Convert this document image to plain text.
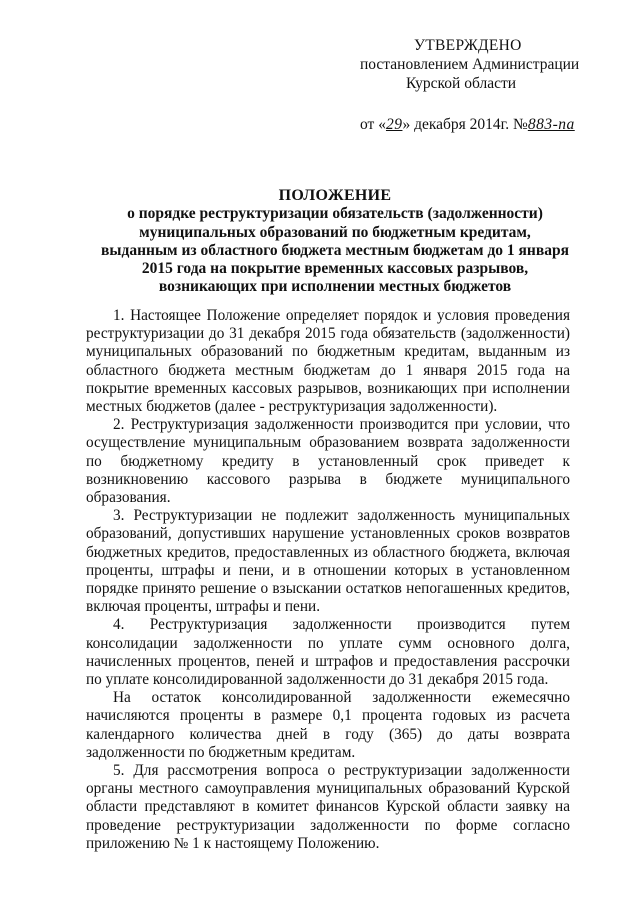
УТВЕРЖДЕНО
постановлением Администрации
Курской области
от «29» декабря 2014г. №883-па
ПОЛОЖЕНИЕ
о порядке реструктуризации обязательств (задолженности) муниципальных образований по бюджетным кредитам, выданным из областного бюджета местным бюджетам до 1 января 2015 года на покрытие временных кассовых разрывов, возникающих при исполнении местных бюджетов

1. Настоящее Положение определяет порядок и условия проведения реструктуризации до 31 декабря 2015 года обязательств (задолженности) муниципальных образований по бюджетным кредитам, выданным из областного бюджета местным бюджетам до 1 января 2015 года на покрытие временных кассовых разрывов, возникающих при исполнении местных бюджетов (далее - реструктуризация задолженности).

2. Реструктуризация задолженности производится при условии, что осуществление муниципальным образованием возврата задолженности по бюджетному кредиту в установленный срок приведет к возникновению кассового разрыва в бюджете муниципального образования.

3. Реструктуризации не подлежит задолженность муниципальных образований, допустивших нарушение установленных сроков возвратов бюджетных кредитов, предоставленных из областного бюджета, включая проценты, штрафы и пени, и в отношении которых в установленном порядке принято решение о взыскании остатков непогашенных кредитов, включая проценты, штрафы и пени.

4. Реструктуризация задолженности производится путем консолидации задолженности по уплате сумм основного долга, начисленных процентов, пеней и штрафов и предоставления рассрочки по уплате консолидированной задолженности до 31 декабря 2015 года.

На остаток консолидированной задолженности ежемесячно начисляются проценты в размере 0,1 процента годовых из расчета календарного количества дней в году (365) до даты возврата задолженности по бюджетным кредитам.

5. Для рассмотрения вопроса о реструктуризации задолженности органы местного самоуправления муниципальных образований Курской области представляют в комитет финансов Курской области заявку на проведение реструктуризации задолженности по форме согласно приложению № 1 к настоящему Положению.
